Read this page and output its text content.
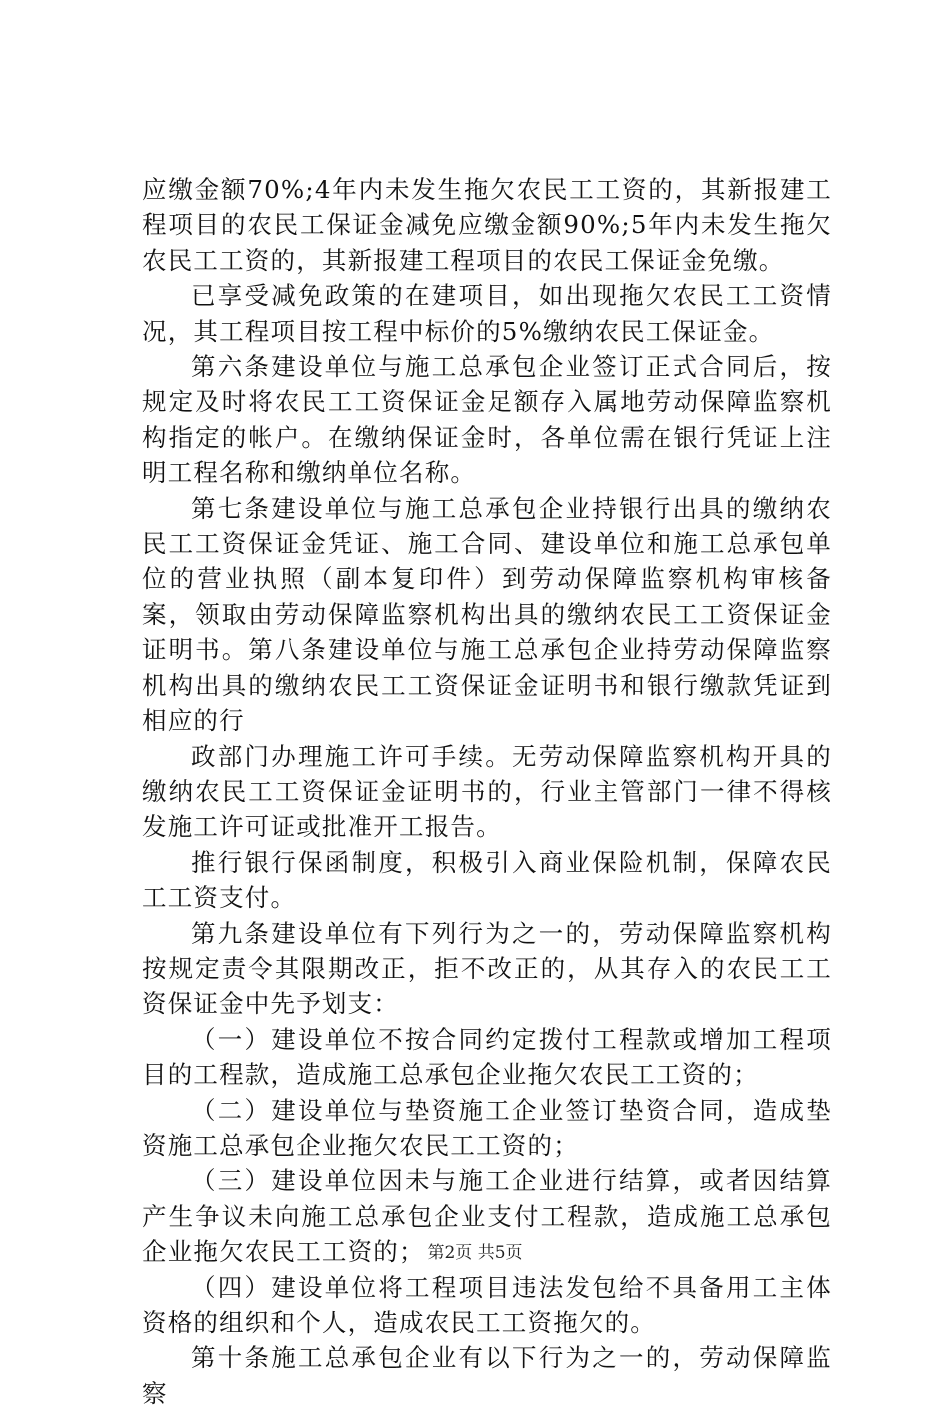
应缴金额70%;4年内未发生拖欠农民工工资的，其新报建工程项目的农民工保证金减免应缴金额90%;5年内未发生拖欠农民工工资的，其新报建工程项目的农民工保证金免缴。

已享受减免政策的在建项目，如出现拖欠农民工工资情况，其工程项目按工程中标价的5%缴纳农民工保证金。

第六条建设单位与施工总承包企业签订正式合同后，按规定及时将农民工工资保证金足额存入属地劳动保障监察机构指定的帐户。在缴纳保证金时，各单位需在银行凭证上注明工程名称和缴纳单位名称。

第七条建设单位与施工总承包企业持银行出具的缴纳农民工工资保证金凭证、施工合同、建设单位和施工总承包单位的营业执照（副本复印件）到劳动保障监察机构审核备案，领取由劳动保障监察机构出具的缴纳农民工工资保证金证明书。第八条建设单位与施工总承包企业持劳动保障监察机构出具的缴纳农民工工资保证金证明书和银行缴款凭证到相应的行

政部门办理施工许可手续。无劳动保障监察机构开具的缴纳农民工工资保证金证明书的，行业主管部门一律不得核发施工许可证或批准开工报告。

推行银行保函制度，积极引入商业保险机制，保障农民工工资支付。

第九条建设单位有下列行为之一的，劳动保障监察机构按规定责令其限期改正，拒不改正的，从其存入的农民工工资保证金中先予划支：

（一）建设单位不按合同约定拨付工程款或增加工程项目的工程款，造成施工总承包企业拖欠农民工工资的；

（二）建设单位与垫资施工企业签订垫资合同，造成垫资施工总承包企业拖欠农民工工资的；

（三）建设单位因未与施工企业进行结算，或者因结算产生争议未向施工总承包企业支付工程款，造成施工总承包企业拖欠农民工工资的；

（四）建设单位将工程项目违法发包给不具备用工主体资格的组织和个人，造成农民工工资拖欠的。

第十条施工总承包企业有以下行为之一的，劳动保障监察

第2页 共5页
